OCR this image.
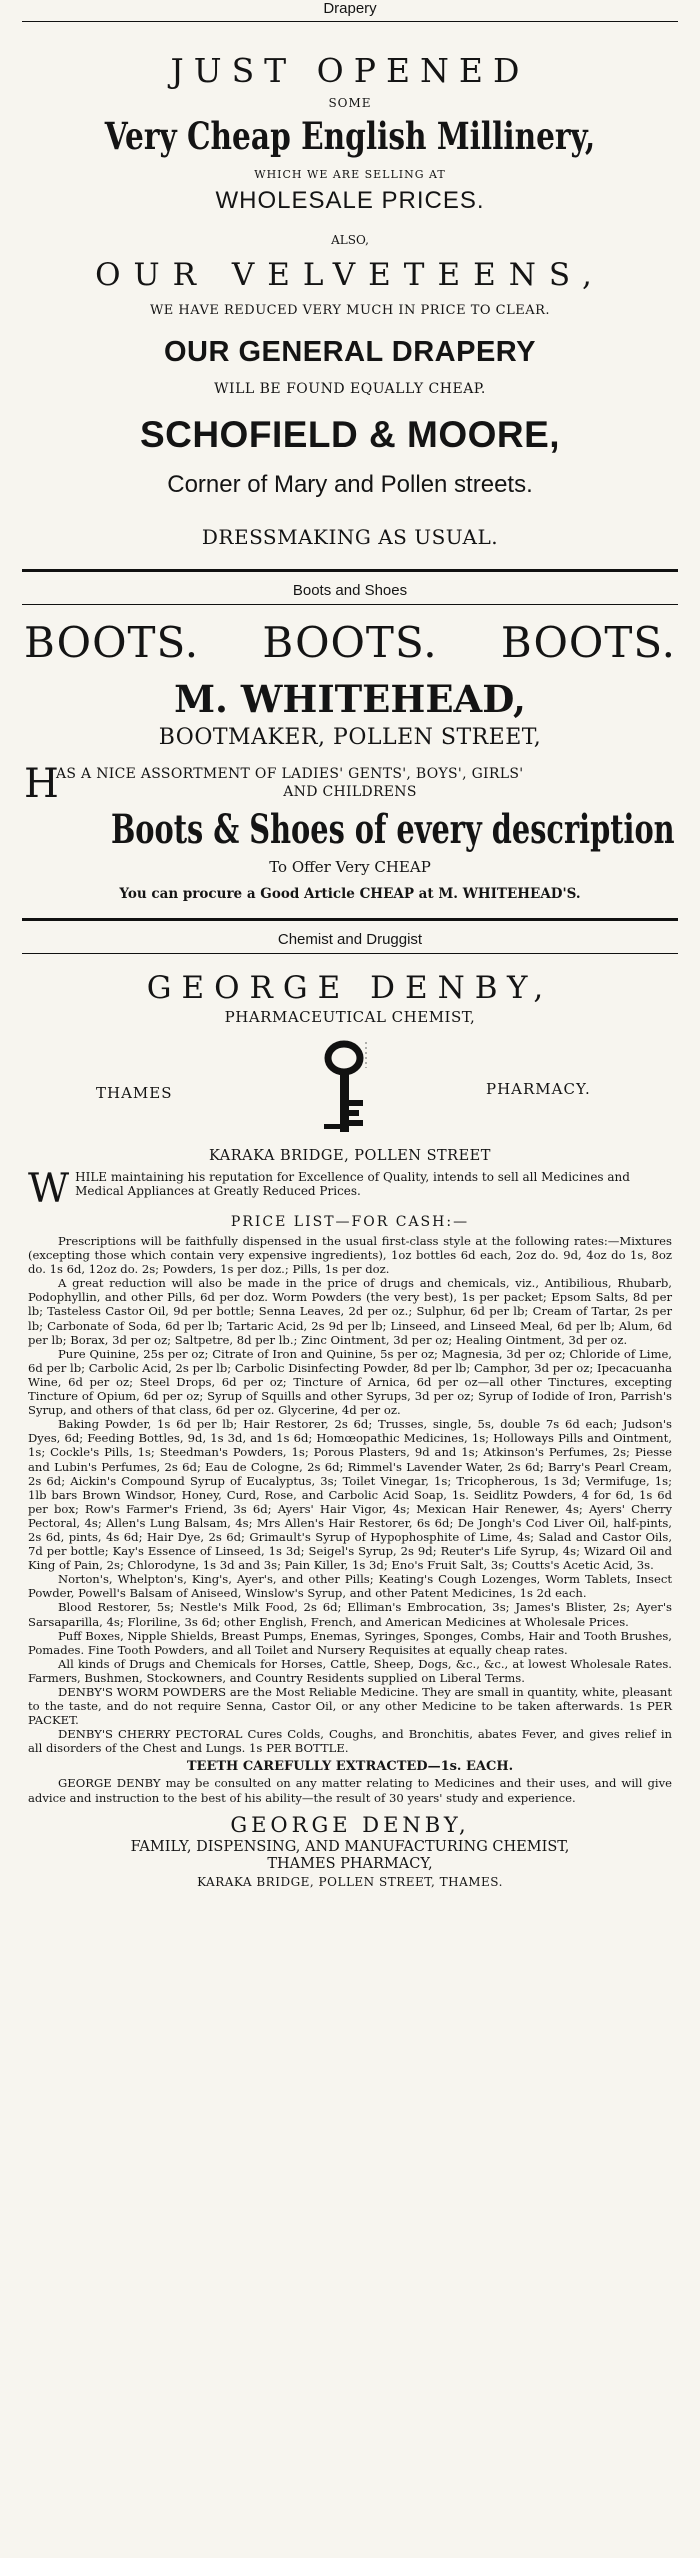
Drapery
JUST OPENED
SOME
Very Cheap English Millinery,
WHICH WE ARE SELLING AT
WHOLESALE PRICES.
ALSO,
OUR VELVETEENS,
WE HAVE REDUCED VERY MUCH IN PRICE TO CLEAR.
OUR GENERAL DRAPERY
WILL BE FOUND EQUALLY CHEAP.
SCHOFIELD & MOORE,
Corner of Mary and Pollen streets.
DRESSMAKING AS USUAL.
Boots and Shoes
BOOTS. BOOTS. BOOTS.
M. WHITEHEAD,
BOOTMAKER, POLLEN STREET,
H
AS A NICE ASSORTMENT OF LADIES' GENTS', BOYS', GIRLS'
AND CHILDRENS
Boots & Shoes of every description
To Offer Very CHEAP
You can procure a Good Article CHEAP at M. WHITEHEAD'S.
Chemist and Druggist
GEORGE DENBY,
PHARMACEUTICAL CHEMIST,
THAMES	PHARMACY.
KARAKA BRIDGE, POLLEN STREET
W HILE maintaining his reputation for Excellence of Quality, intends to sell all Medicines and Medical Appliances at Greatly Reduced Prices.

PRICE LIST—FOR CASH:—

Prescriptions will be faithfully dispensed in the usual first-class style at the following rates:—Mixtures (excepting those which contain very expensive ingredients), 1oz bottles 6d each, 2oz do. 9d, 4oz do 1s, 8oz do. 1s 6d, 12oz do. 2s; Powders, 1s per doz.; Pills, 1s per doz.

A great reduction will also be made in the price of drugs and chemicals, viz., Antibilious, Rhubarb, Podophyllin, and other Pills, 6d per doz. Worm Powders (the very best), 1s per packet; Epsom Salts, 8d per lb; Tasteless Castor Oil, 9d per bottle; Senna Leaves, 2d per oz.; Sulphur, 6d per lb; Cream of Tartar, 2s per lb; Carbonate of Soda, 6d per lb; Tartaric Acid, 2s 9d per lb; Linseed, and Linseed Meal, 6d per lb; Alum, 6d per lb; Borax, 3d per oz; Saltpetre, 8d per lb.; Zinc Ointment, 3d per oz; Healing Ointment, 3d per oz.

Pure Quinine, 25s per oz; Citrate of Iron and Quinine, 5s per oz; Magnesia, 3d per oz; Chloride of Lime, 6d per lb; Carbolic Acid, 2s per lb; Carbolic Disinfecting Powder, 8d per lb; Camphor, 3d per oz; Ipecacuanha Wine, 6d per oz; Steel Drops, 6d per oz; Tincture of Arnica, 6d per oz—all other Tinctures, excepting Tincture of Opium, 6d per oz; Syrup of Squills and other Syrups, 3d per oz; Syrup of Iodide of Iron, Parrish's Syrup, and others of that class, 6d per oz. Glycerine, 4d per oz.

Baking Powder, 1s 6d per lb; Hair Restorer, 2s 6d; Trusses, single, 5s, double 7s 6d each; Judson's Dyes, 6d; Feeding Bottles, 9d, 1s 3d, and 1s 6d; Homœopathic Medicines, 1s; Holloways Pills and Ointment, 1s; Cockle's Pills, 1s; Steedman's Powders, 1s; Porous Plasters, 9d and 1s; Atkinson's Perfumes, 2s; Piesse and Lubin's Perfumes, 2s 6d; Eau de Cologne, 2s 6d; Rimmel's Lavender Water, 2s 6d; Barry's Pearl Cream, 2s 6d; Aickin's Compound Syrup of Eucalyptus, 3s; Toilet Vinegar, 1s; Tricopherous, 1s 3d; Vermifuge, 1s; 1lb bars Brown Windsor, Honey, Curd, Rose, and Carbolic Acid Soap, 1s. Seidlitz Powders, 4 for 6d, 1s 6d per box; Row's Farmer's Friend, 3s 6d; Ayers' Hair Vigor, 4s; Mexican Hair Renewer, 4s; Ayers' Cherry Pectoral, 4s; Allen's Lung Balsam, 4s; Mrs Allen's Hair Restorer, 6s 6d; De Jongh's Cod Liver Oil, half-pints, 2s 6d, pints, 4s 6d; Hair Dye, 2s 6d; Grimault's Syrup of Hypophosphite of Lime, 4s; Salad and Castor Oils, 7d per bottle; Kay's Essence of Linseed, 1s 3d; Seigel's Syrup, 2s 9d; Reuter's Life Syrup, 4s; Wizard Oil and King of Pain, 2s; Chlorodyne, 1s 3d and 3s; Pain Killer, 1s 3d; Eno's Fruit Salt, 3s; Coutts's Acetic Acid, 3s.

Norton's, Whelpton's, King's, Ayer's, and other Pills; Keating's Cough Lozenges, Worm Tablets, Insect Powder, Powell's Balsam of Aniseed, Winslow's Syrup, and other Patent Medicines, 1s 2d each.

Blood Restorer, 5s; Nestle's Milk Food, 2s 6d; Elliman's Embrocation, 3s; James's Blister, 2s; Ayer's Sarsaparilla, 4s; Floriline, 3s 6d; other English, French, and American Medicines at Wholesale Prices.

Puff Boxes, Nipple Shields, Breast Pumps, Enemas, Syringes, Sponges, Combs, Hair and Tooth Brushes, Pomades. Fine Tooth Powders, and all Toilet and Nursery Requisites at equally cheap rates.

All kinds of Drugs and Chemicals for Horses, Cattle, Sheep, Dogs, &c., &c., at lowest Wholesale Rates. Farmers, Bushmen, Stockowners, and Country Residents supplied on Liberal Terms.

DENBY'S WORM POWDERS are the Most Reliable Medicine. They are small in quantity, white, pleasant to the taste, and do not require Senna, Castor Oil, or any other Medicine to be taken afterwards. 1s PER PACKET.

DENBY'S CHERRY PECTORAL Cures Colds, Coughs, and Bronchitis, abates Fever, and gives relief in all disorders of the Chest and Lungs. 1s PER BOTTLE.

TEETH CAREFULLY EXTRACTED—1s. EACH.

GEORGE DENBY may be consulted on any matter relating to Medicines and their uses, and will give advice and instruction to the best of his ability—the result of 30 years' study and experience.

GEORGE DENBY,
FAMILY, DISPENSING, AND MANUFACTURING CHEMIST,
THAMES PHARMACY,
KARAKA BRIDGE, POLLEN STREET, THAMES.
